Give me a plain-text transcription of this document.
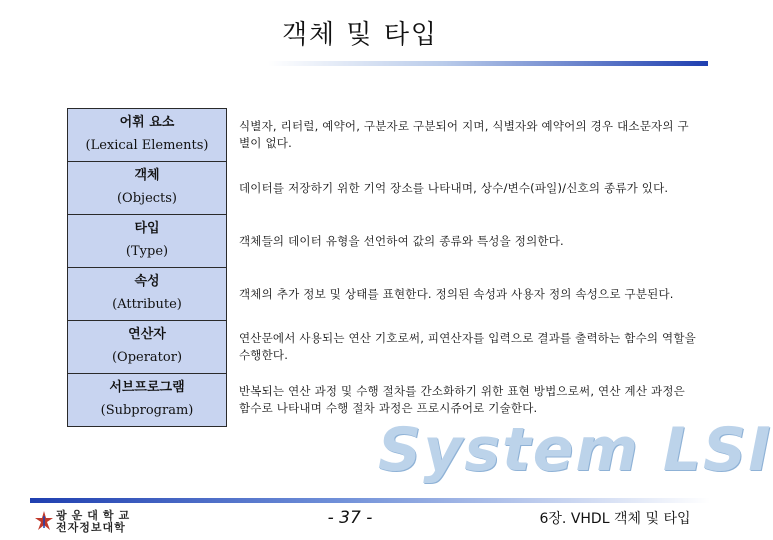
객체 및 타입
System LSI
어휘 요소
(Lexical Elements)	식별자, 리터럴, 예약어, 구분자로 구분되어 지며, 식별자와 예약어의 경우 대소문자의 구별이 없다.

객체
(Objects)	데이터를 저장하기 위한 기억 장소를 나타내며, 상수/변수(파일)/신호의 종류가 있다.

타입
(Type)	객체들의 데이터 유형을 선언하여 값의 종류와 특성을 정의한다.

속성
(Attribute)	객체의 추가 정보 및 상태를 표현한다. 정의된 속성과 사용자 정의 속성으로 구분된다.

연산자
(Operator)	연산문에서 사용되는 연산 기호로써, 피연산자를 입력으로 결과를 출력하는 함수의 역할을 수행한다.

서브프로그램
(Subprogram)	반복되는 연산 과정 및 수행 절차를 간소화하기 위한 표현 방법으로써, 연산 계산 과정은 함수로 나타내며 수행 절차 과정은 프로시쥬어로 기술한다.
광운대학교
전자정보대학	- 37 -	6장. VHDL 객체 및 타입
